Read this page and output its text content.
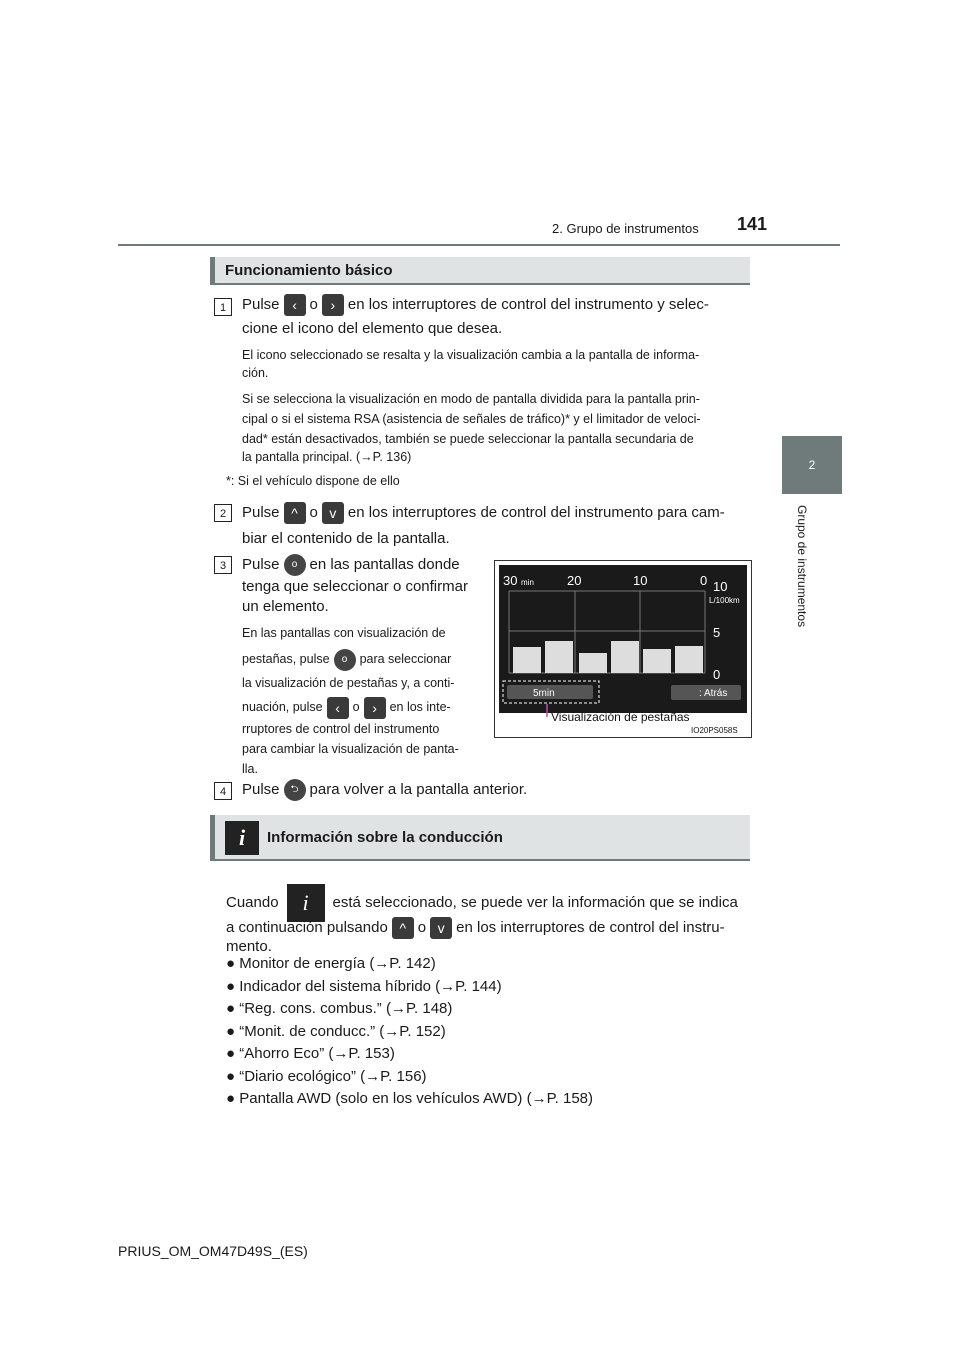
2. Grupo de instrumentos 141
2
Grupo de instrumentos
Funcionamiento básico
1	Pulse ‹ o › en los interruptores de control del instrumento y selec-
cione el icono del elemento que desea.
El icono seleccionado se resalta y la visualización cambia a la pantalla de informa-
ción.
Si se selecciona la visualización en modo de pantalla dividida para la pantalla prin-
cipal o si el sistema RSA (asistencia de señales de tráfico)* y el limitador de veloci-
dad* están desactivados, también se puede seleccionar la pantalla secundaria de
la pantalla principal. (→P. 136)
*: Si el vehículo dispone de ello
2	Pulse ^ o v en los interruptores de control del instrumento para cam-
biar el contenido de la pantalla.
3	Pulse o en las pantallas donde
tenga que seleccionar o confirmar
un elemento.
En las pantallas con visualización de
pestañas, pulse o para seleccionar
la visualización de pestañas y, a conti-
nuación, pulse ‹ o › en los inte-
rruptores de control del instrumento
para cambiar la visualización de panta-
lla.
30 min	20	10	0 10
L/100km
5
0
5min	: Atrás
Visualización de pestañas
IO20PS058S
4	Pulse ⮌ para volver a la pantalla anterior.
i	Información sobre la conducción
Cuando i está seleccionado, se puede ver la información que se indica
a continuación pulsando ^ o v en los interruptores de control del instru-
mento.
● Monitor de energía (→P. 142)
● Indicador del sistema híbrido (→P. 144)
● “Reg. cons. combus.” (→P. 148)
● “Monit. de conducc.” (→P. 152)
● “Ahorro Eco” (→P. 153)
● “Diario ecológico” (→P. 156)
● Pantalla AWD (solo en los vehículos AWD) (→P. 158)
PRIUS_OM_OM47D49S_(ES)
